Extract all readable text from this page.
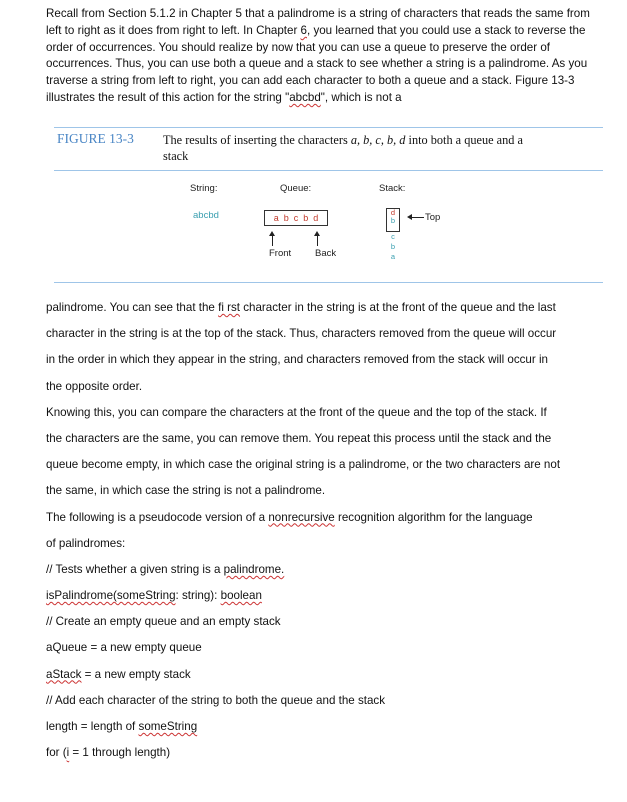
Recall from Section 5.1.2 in Chapter 5 that a palindrome is a string of characters that reads the same from left to right as it does from right to left. In Chapter 6, you learned that you could use a stack to reverse the order of occurrences. You should realize by now that you can use a queue to preserve the order of occurrences. Thus, you can use both a queue and a stack to see whether a string is a palindrome. As you traverse a string from left to right, you can add each character to both a queue and a stack. Figure 13-3 illustrates the result of this action for the string "abcbd", which is not a

FIGURE 13-3 The results of inserting the characters a, b, c, b, d into both a queue and a stack
String:
abcbd
Queue:
a b c b d
Front	Back
Stack:
d
b
c
b
a
Top
palindrome. You can see that the fi rst character in the string is at the front of the queue and the last
character in the string is at the top of the stack. Thus, characters removed from the queue will occur
in the order in which they appear in the string, and characters removed from the stack will occur in
the opposite order.
Knowing this, you can compare the characters at the front of the queue and the top of the stack. If
the characters are the same, you can remove them. You repeat this process until the stack and the
queue become empty, in which case the original string is a palindrome, or the two characters are not
the same, in which case the string is not a palindrome.
The following is a pseudocode version of a nonrecursive recognition algorithm for the language
of palindromes:
// Tests whether a given string is a palindrome.
isPalindrome(someString: string): boolean
// Create an empty queue and an empty stack
aQueue = a new empty queue
aStack = a new empty stack
// Add each character of the string to both the queue and the stack
length = length of someString
for (i = 1 through length)
